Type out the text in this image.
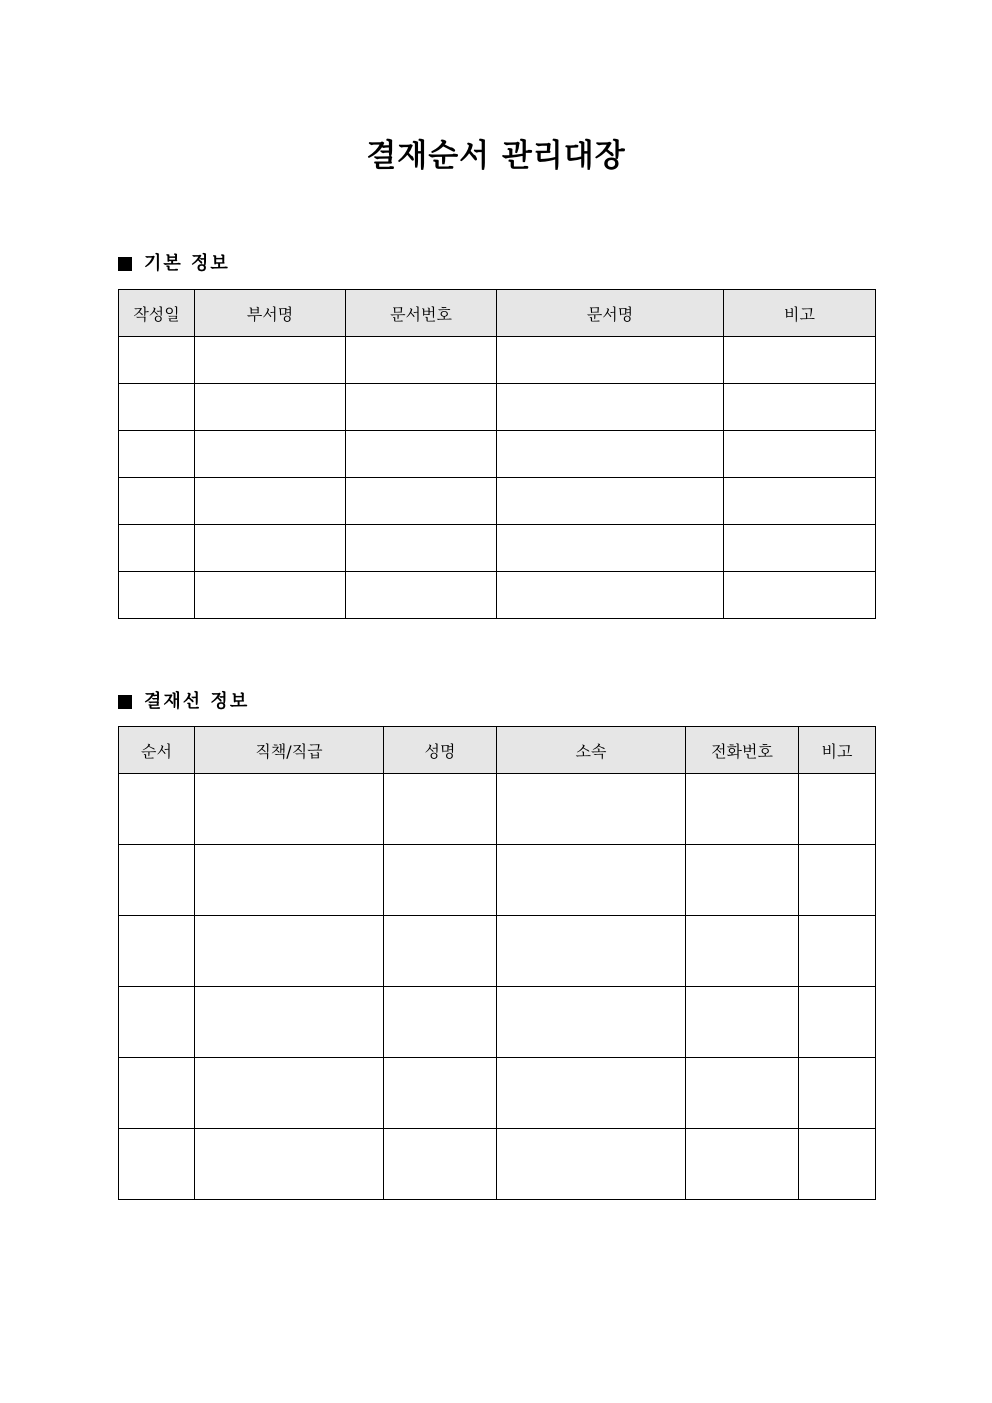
결재순서 관리대장
기본 정보
작성일	부서명	문서번호	문서명	비고

결재선 정보
순서	직책/직급	성명	소속	전화번호	비고
